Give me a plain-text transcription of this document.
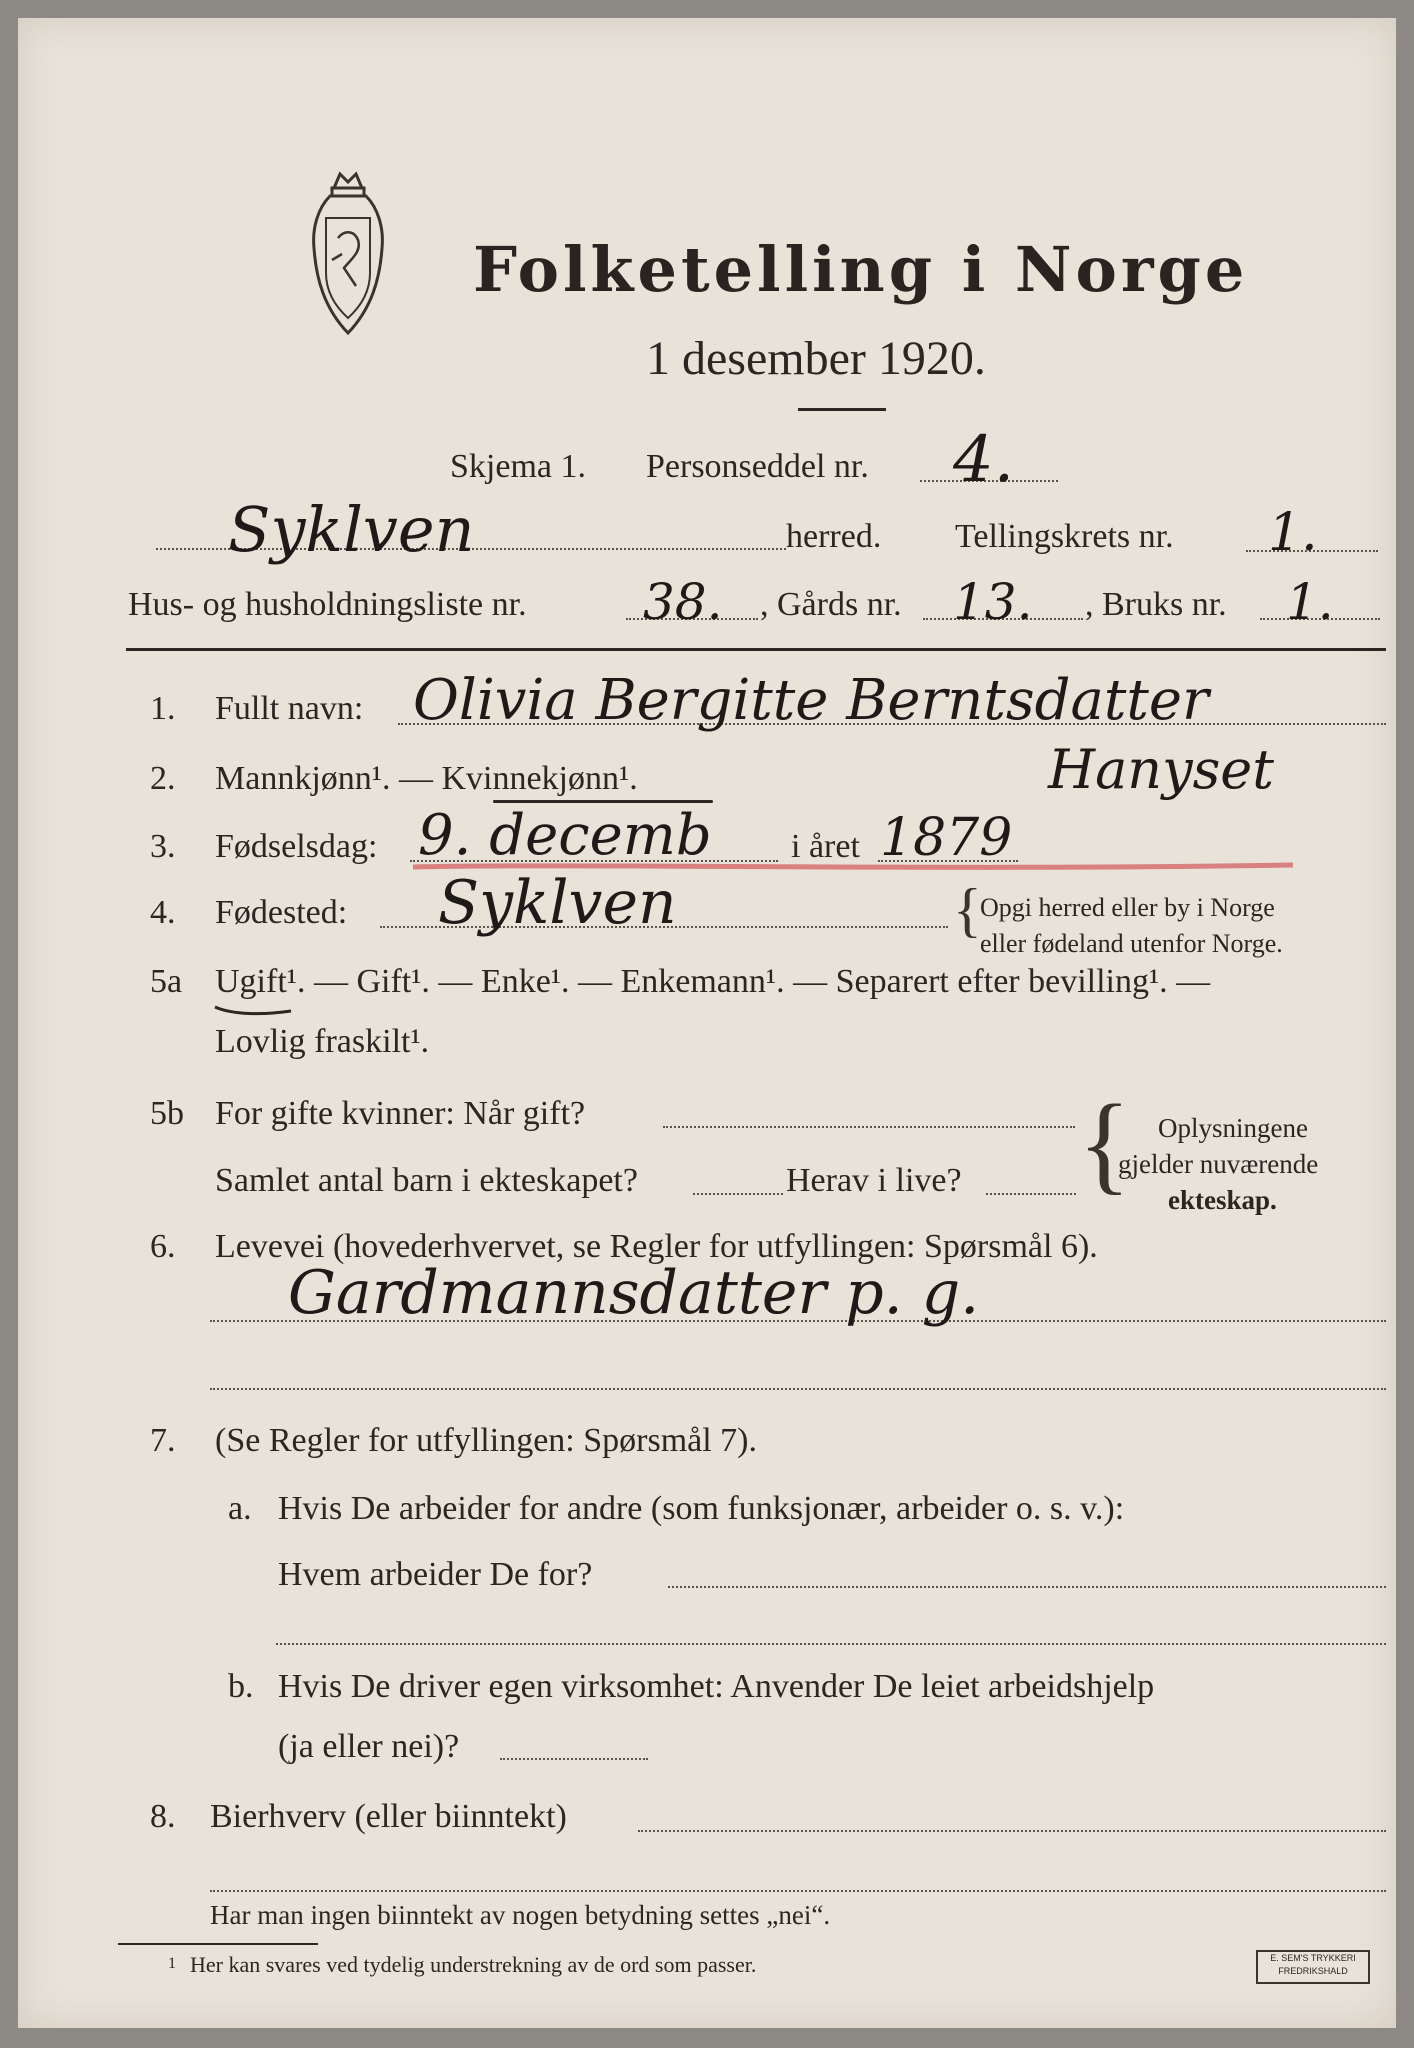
Folketelling i Norge
1 desember 1920.
Skjema 1. Personseddel nr. 4.
Syklven	herred. Tellingskrets nr. 1.
Hus- og husholdningsliste nr. 38. , Gårds nr. 13. , Bruks nr. 1.
1. Fullt navn: Olivia Bergitte Berntsdatter
Hanyset
2. Mannkjønn¹. — Kvinnekjønn¹.
3. Fødselsdag: 9. decemb i året 1879
4. Fødested: Syklven	{
Opgi herred eller by i Norge
eller fødeland utenfor Norge.
5a Ugift¹. — Gift¹. — Enke¹. — Enkemann¹. — Separert efter bevilling¹. —
Lovlig fraskilt¹.
5b For gifte kvinner: Når gift?
Samlet antal barn i ekteskapet?	Herav i live? { Oplysningene
gjelder nuværende
ekteskap.
6. Levevei (hovederhvervet, se Regler for utfyllingen: Spørsmål 6).
Gardmannsdatter p. g.
7. (Se Regler for utfyllingen: Spørsmål 7).
a. Hvis De arbeider for andre (som funksjonær, arbeider o. s. v.):
Hvem arbeider De for?
b. Hvis De driver egen virksomhet: Anvender De leiet arbeidshjelp
(ja eller nei)?
8. Bierhverv (eller biinntekt)
Har man ingen biinntekt av nogen betydning settes „nei“.
1 Her kan svares ved tydelig understrekning av de ord som passer.	E. SEM'S TRYKKERI FREDRIKSHALD
